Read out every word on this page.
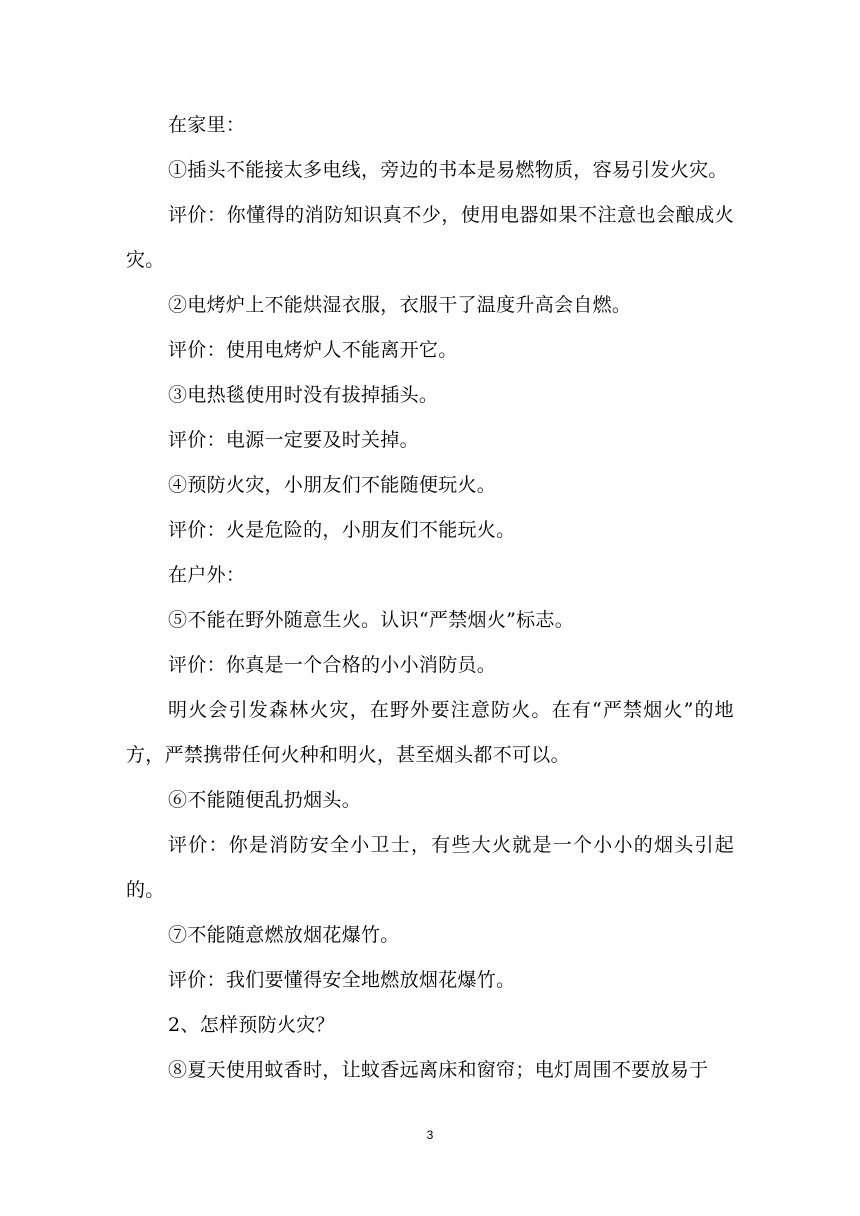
在家里：

①插头不能接太多电线，旁边的书本是易燃物质，容易引发火灾。

评价：你懂得的消防知识真不少，使用电器如果不注意也会酿成火灾。

②电烤炉上不能烘湿衣服，衣服干了温度升高会自燃。

评价：使用电烤炉人不能离开它。

③电热毯使用时没有拔掉插头。

评价：电源一定要及时关掉。

④预防火灾，小朋友们不能随便玩火。

评价：火是危险的，小朋友们不能玩火。

在户外：

⑤不能在野外随意生火。认识“严禁烟火”标志。

评价：你真是一个合格的小小消防员。

明火会引发森林火灾，在野外要注意防火。在有“严禁烟火”的地方，严禁携带任何火种和明火，甚至烟头都不可以。

⑥不能随便乱扔烟头。

评价：你是消防安全小卫士，有些大火就是一个小小的烟头引起的。

⑦不能随意燃放烟花爆竹。

评价：我们要懂得安全地燃放烟花爆竹。

2、怎样预防火灾？

⑧夏天使用蚊香时，让蚊香远离床和窗帘；电灯周围不要放易于

3
